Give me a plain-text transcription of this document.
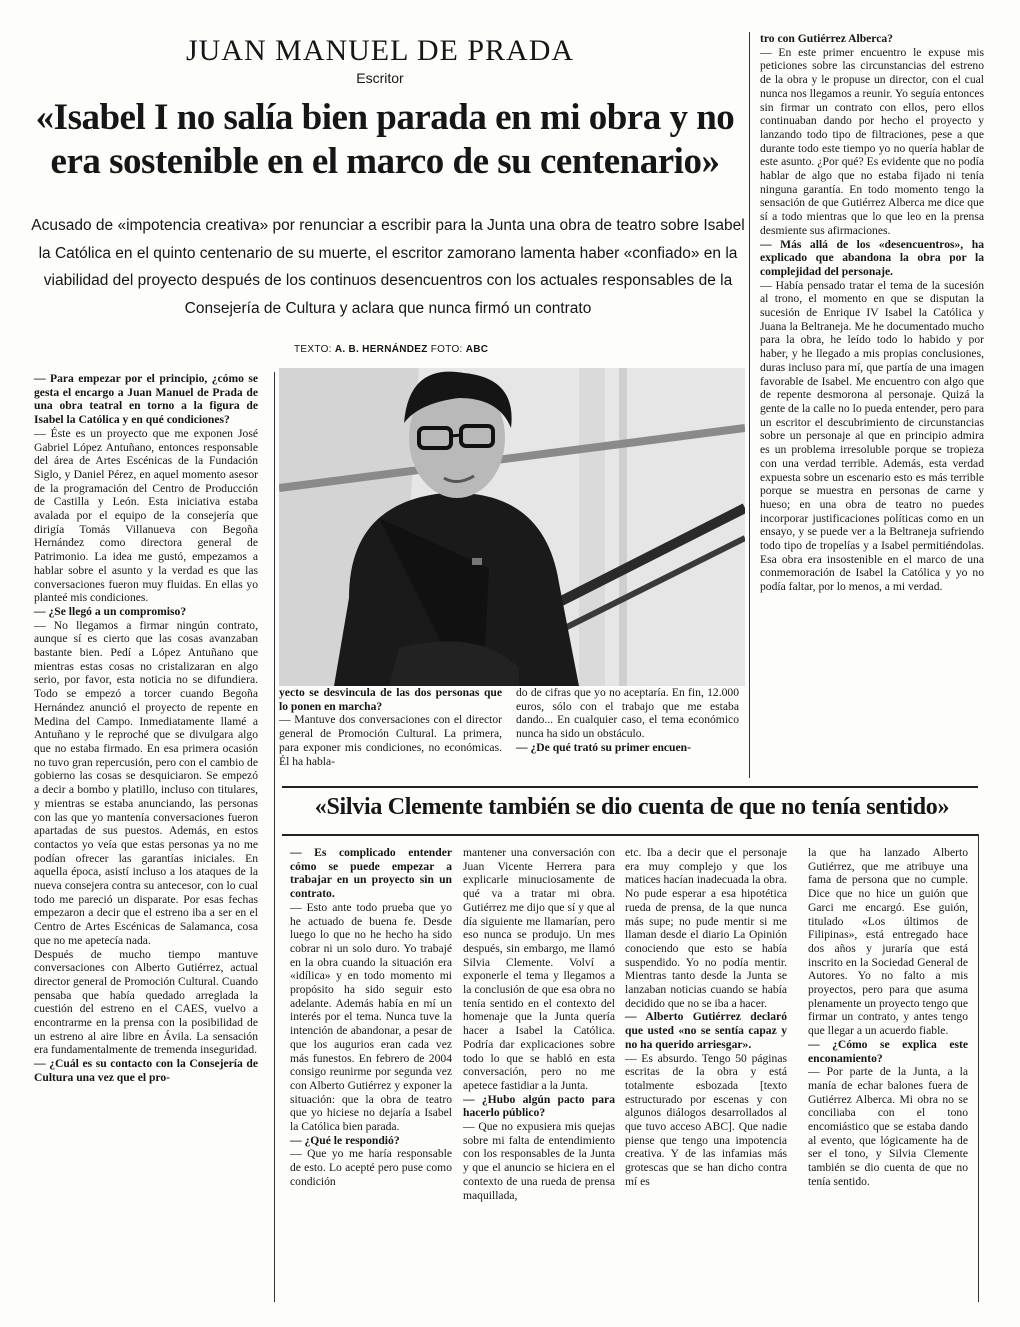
JUAN MANUEL DE PRADA
Escritor
«Isabel I no salía bien parada en mi obra y no era sostenible en el marco de su centenario»
Acusado de «impotencia creativa» por renunciar a escribir para la Junta una obra de teatro sobre Isabel la Católica en el quinto centenario de su muerte, el escritor zamorano lamenta haber «confiado» en la viabilidad del proyecto después de los continuos desencuentros con los actuales responsables de la Consejería de Cultura y aclara que nunca firmó un contrato
TEXTO: A. B. HERNÁNDEZ FOTO: ABC

tro con Gutiérrez Alberca?

— En este primer encuentro le expuse mis peticiones sobre las circunstancias del estreno de la obra y le propuse un director, con el cual nunca nos llegamos a reunir. Yo seguía entonces sin firmar un contrato con ellos, pero ellos continuaban dando por hecho el proyecto y lanzando todo tipo de filtraciones, pese a que durante todo este tiempo yo no quería hablar de este asunto. ¿Por qué? Es evidente que no podía hablar de algo que no estaba fijado ni tenía ninguna garantía. En todo momento tengo la sensación de que Gutiérrez Alberca me dice que sí a todo mientras que lo que leo en la prensa desmiente sus afirmaciones.

— Más allá de los «desencuentros», ha explicado que abandona la obra por la complejidad del personaje.

— Había pensado tratar el tema de la sucesión al trono, el momento en que se disputan la sucesión de Enrique IV Isabel la Católica y Juana la Beltraneja. Me he documentado mucho para la obra, he leído todo lo habido y por haber, y he llegado a mis propias conclusiones, duras incluso para mí, que partía de una imagen favorable de Isabel. Me encuentro con algo que de repente desmorona al personaje. Quizá la gente de la calle no lo pueda entender, pero para un escritor el descubrimiento de circunstancias sobre un personaje al que en principio admira es un problema irresoluble porque se tropieza con una verdad terrible. Además, esta verdad expuesta sobre un escenario esto es más terrible porque se muestra en personas de carne y hueso; en una obra de teatro no puedes incorporar justificaciones políticas como en un ensayo, y se puede ver a la Beltraneja sufriendo todo tipo de tropelías y a Isabel permitiéndolas. Esa obra era insostenible en el marco de una conmemoración de Isabel la Católica y yo no podía faltar, por lo menos, a mi verdad.

— Para empezar por el principio, ¿cómo se gesta el encargo a Juan Manuel de Prada de una obra teatral en torno a la figura de Isabel la Católica y en qué condiciones?

— Éste es un proyecto que me exponen José Gabriel López Antuñano, entonces responsable del área de Artes Escénicas de la Fundación Siglo, y Daniel Pérez, en aquel momento asesor de la programación del Centro de Producción de Castilla y León. Esta iniciativa estaba avalada por el equipo de la consejería que dirigía Tomás Villanueva con Begoña Hernández como directora general de Patrimonio. La idea me gustó, empezamos a hablar sobre el asunto y la verdad es que las conversaciones fueron muy fluidas. En ellas yo planteé mis condiciones.

— ¿Se llegó a un compromiso?

— No llegamos a firmar ningún contrato, aunque sí es cierto que las cosas avanzaban bastante bien. Pedí a López Antuñano que mientras estas cosas no cristalizaran en algo serio, por favor, esta noticia no se difundiera. Todo se empezó a torcer cuando Begoña Hernández anunció el proyecto de repente en Medina del Campo. Inmediatamente llamé a Antuñano y le reproché que se divulgara algo que no estaba firmado. En esa primera ocasión no tuvo gran repercusión, pero con el cambio de gobierno las cosas se desquiciaron. Se empezó a decir a bombo y platillo, incluso con titulares, y mientras se estaba anunciando, las personas con las que yo mantenía conversaciones fueron apartadas de sus puestos. Además, en estos contactos yo veía que estas personas ya no me podían ofrecer las garantías iniciales. En aquella época, asistí incluso a los ataques de la nueva consejera contra su antecesor, con lo cual todo me pareció un disparate. Por esas fechas empezaron a decir que el estreno iba a ser en el Centro de Artes Escénicas de Salamanca, cosa que no me apetecía nada.

Después de mucho tiempo mantuve conversaciones con Alberto Gutiérrez, actual director general de Promoción Cultural. Cuando pensaba que había quedado arreglada la cuestión del estreno en el CAES, vuelvo a encontrarme en la prensa con la posibilidad de un estreno al aire libre en Ávila. La sensación era fundamentalmente de tremenda inseguridad.

— ¿Cuál es su contacto con la Consejería de Cultura una vez que el pro-

yecto se desvincula de las dos personas que lo ponen en marcha?

— Mantuve dos conversaciones con el director general de Promoción Cultural. La primera, para exponer mis condiciones, no económicas. Él ha habla-

do de cifras que yo no aceptaría. En fin, 12.000 euros, sólo con el trabajo que me estaba dando... En cualquier caso, el tema económico nunca ha sido un obstáculo.

— ¿De qué trató su primer encuen-

«Silvia Clemente también se dio cuenta de que no tenía sentido»

— Es complicado entender cómo se puede empezar a trabajar en un proyecto sin un contrato.

— Esto ante todo prueba que yo he actuado de buena fe. Desde luego lo que no he hecho ha sido cobrar ni un solo duro. Yo trabajé en la obra cuando la situación era «idílica» y en todo momento mi propósito ha sido seguir esto adelante. Además había en mí un interés por el tema. Nunca tuve la intención de abandonar, a pesar de que los augurios eran cada vez más funestos. En febrero de 2004 consigo reunirme por segunda vez con Alberto Gutiérrez y exponer la situación: que la obra de teatro que yo hiciese no dejaría a Isabel la Católica bien parada.

— ¿Qué le respondió?

— Que yo me haría responsable de esto. Lo acepté pero puse como condición

mantener una conversación con Juan Vicente Herrera para explicarle minuciosamente de qué va a tratar mi obra. Gutiérrez me dijo que sí y que al día siguiente me llamarían, pero eso nunca se produjo. Un mes después, sin embargo, me llamó Silvia Clemente. Volví a exponerle el tema y llegamos a la conclusión de que esa obra no tenía sentido en el contexto del homenaje que la Junta quería hacer a Isabel la Católica. Podría dar explicaciones sobre todo lo que se habló en esta conversación, pero no me apetece fastidiar a la Junta.

— ¿Hubo algún pacto para hacerlo público?

— Que no expusiera mis quejas sobre mi falta de entendimiento con los responsables de la Junta y que el anuncio se hiciera en el contexto de una rueda de prensa maquillada,

etc. Iba a decir que el personaje era muy complejo y que los matices hacían inadecuada la obra. No pude esperar a esa hipotética rueda de prensa, de la que nunca más supe; no pude mentir si me llaman desde el diario La Opinión conociendo que esto se había suspendido. Yo no podía mentir. Mientras tanto desde la Junta se lanzaban noticias cuando se había decidido que no se iba a hacer.

— Alberto Gutiérrez declaró que usted «no se sentía capaz y no ha querido arriesgar».

— Es absurdo. Tengo 50 páginas escritas de la obra y está totalmente esbozada [texto estructurado por escenas y con algunos diálogos desarrollados al que tuvo acceso ABC]. Que nadie piense que tengo una impotencia creativa. Y de las infamias más grotescas que se han dicho contra mí es

la que ha lanzado Alberto Gutiérrez, que me atribuye una fama de persona que no cumple. Dice que no hice un guión que Garci me encargó. Ese guión, titulado «Los últimos de Filipinas», está entregado hace dos años y juraría que está inscrito en la Sociedad General de Autores. Yo no falto a mis proyectos, pero para que asuma plenamente un proyecto tengo que firmar un contrato, y antes tengo que llegar a un acuerdo fiable.

— ¿Cómo se explica este enconamiento?

— Por parte de la Junta, a la manía de echar balones fuera de Gutiérrez Alberca. Mi obra no se conciliaba con el tono encomiástico que se estaba dando al evento, que lógicamente ha de ser el tono, y Silvia Clemente también se dio cuenta de que no tenía sentido.
